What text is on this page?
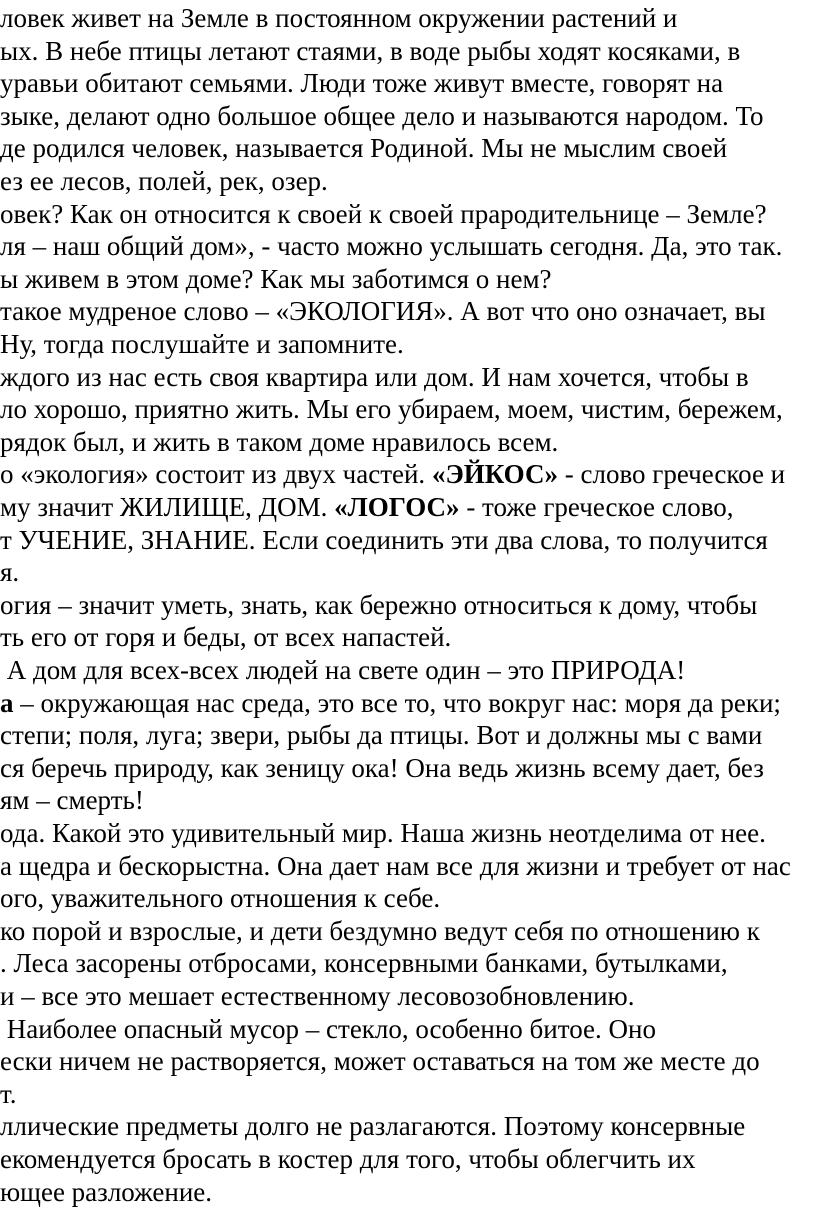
ловек живет на Земле в постоянном окружении растений и
ых. В небе птицы летают стаями, в воде рыбы ходят косяками, в
уравьи обитают семьями. Люди тоже живут вместе, говорят на
зыке, делают одно большое общее дело и называются народом. То
де родился человек, называется Родиной. Мы не мыслим своей
ез ее лесов, полей, рек, озер.
овек? Как он относится к своей к своей прародительнице – Земле?
ля – наш общий дом», - часто можно услышать сегодня. Да, это так.
ы живем в этом доме? Как мы заботимся о нем?
такое мудреное слово – «ЭКОЛОГИЯ». А вот что оно означает, вы
Ну, тогда послушайте и запомните.
ждого из нас есть своя квартира или дом. И нам хочется, чтобы в
ло хорошо, приятно жить. Мы его убираем, моем, чистим, бережем,
рядок был, и жить в таком доме нравилось всем.
о «экология» состоит из двух частей. «ЭЙКОС» - слово греческое и
му значит ЖИЛИЩЕ, ДОМ. «ЛОГОС» - тоже греческое слово,
т УЧЕНИЕ, ЗНАНИЕ. Если соединить эти два слова, то получится
я.
огия – значит уметь, знать, как бережно относиться к дому, чтобы
ть его от горя и беды, от всех напастей.
А дом для всех-всех людей на свете один – это ПРИРОДА!
а – окружающая нас среда, это все то, что вокруг нас: моря да реки;
степи; поля, луга; звери, рыбы да птицы. Вот и должны мы с вами
ся беречь природу, как зеницу ока! Она ведь жизнь всему дает, без
ям – смерть!
ода. Какой это удивительный мир. Наша жизнь неотделима от нее.
а щедра и бескорыстна. Она дает нам все для жизни и требует от нас
ого, уважительного отношения к себе.
ко порой и взрослые, и дети бездумно ведут себя по отношению к
. Леса засорены отбросами, консервными банками, бутылками,
и – все это мешает естественному лесовозобновлению.
Наиболее опасный мусор – стекло, особенно битое. Оно
ески ничем не растворяется, может оставаться на том же месте до
т.
ллические предметы долго не разлагаются. Поэтому консервные
екомендуется бросать в костер для того, чтобы облегчить их
ющее разложение.
